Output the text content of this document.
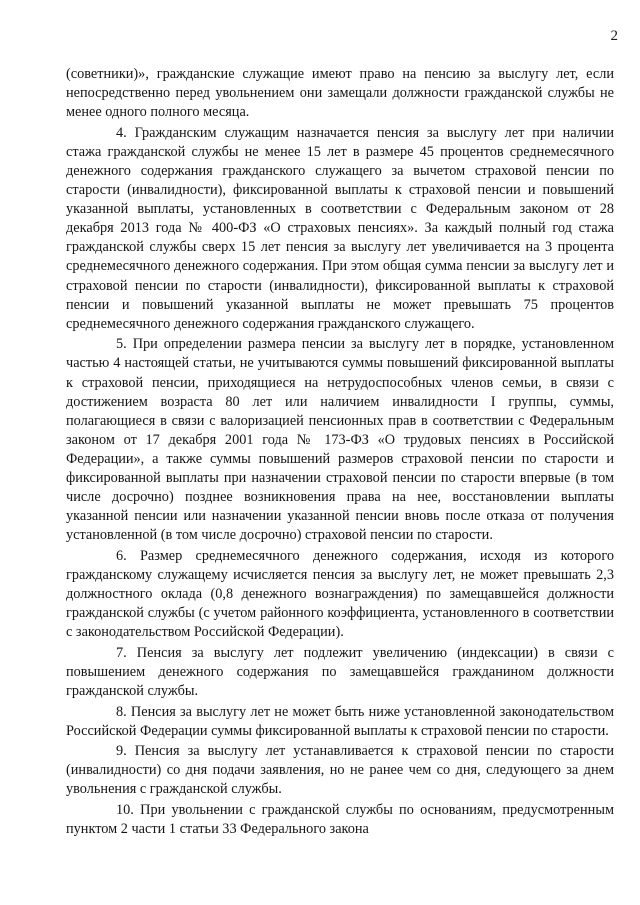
2

(советники)», гражданские служащие имеют право на пенсию за выслугу лет, если непосредственно перед увольнением они замещали должности гражданской службы не менее одного полного месяца.

4. Гражданским служащим назначается пенсия за выслугу лет при наличии стажа гражданской службы не менее 15 лет в размере 45 процентов среднемесячного денежного содержания гражданского служащего за вычетом страховой пенсии по старости (инвалидности), фиксированной выплаты к страховой пенсии и повышений указанной выплаты, установленных в соответствии с Федеральным законом от 28 декабря 2013 года № 400-ФЗ «О страховых пенсиях». За каждый полный год стажа гражданской службы сверх 15 лет пенсия за выслугу лет увеличивается на 3 процента среднемесячного денежного содержания. При этом общая сумма пенсии за выслугу лет и страховой пенсии по старости (инвалидности), фиксированной выплаты к страховой пенсии и повышений указанной выплаты не может превышать 75 процентов среднемесячного денежного содержания гражданского служащего.

5. При определении размера пенсии за выслугу лет в порядке, установленном частью 4 настоящей статьи, не учитываются суммы повышений фиксированной выплаты к страховой пенсии, приходящиеся на нетрудоспособных членов семьи, в связи с достижением возраста 80 лет или наличием инвалидности I группы, суммы, полагающиеся в связи с валоризацией пенсионных прав в соответствии с Федеральным законом от 17 декабря 2001 года № 173-ФЗ «О трудовых пенсиях в Российской Федерации», а также суммы повышений размеров страховой пенсии по старости и фиксированной выплаты при назначении страховой пенсии по старости впервые (в том числе досрочно) позднее возникновения права на нее, восстановлении выплаты указанной пенсии или назначении указанной пенсии вновь после отказа от получения установленной (в том числе досрочно) страховой пенсии по старости.

6. Размер среднемесячного денежного содержания, исходя из которого гражданскому служащему исчисляется пенсия за выслугу лет, не может превышать 2,3 должностного оклада (0,8 денежного вознаграждения) по замещавшейся должности гражданской службы (с учетом районного коэффициента, установленного в соответствии с законодательством Российской Федерации).

7. Пенсия за выслугу лет подлежит увеличению (индексации) в связи с повышением денежного содержания по замещавшейся гражданином должности гражданской службы.

8. Пенсия за выслугу лет не может быть ниже установленной законодательством Российской Федерации суммы фиксированной выплаты к страховой пенсии по старости.

9. Пенсия за выслугу лет устанавливается к страховой пенсии по старости (инвалидности) со дня подачи заявления, но не ранее чем со дня, следующего за днем увольнения с гражданской службы.

10. При увольнении с гражданской службы по основаниям, предусмотренным пунктом 2 части 1 статьи 33 Федерального закона
